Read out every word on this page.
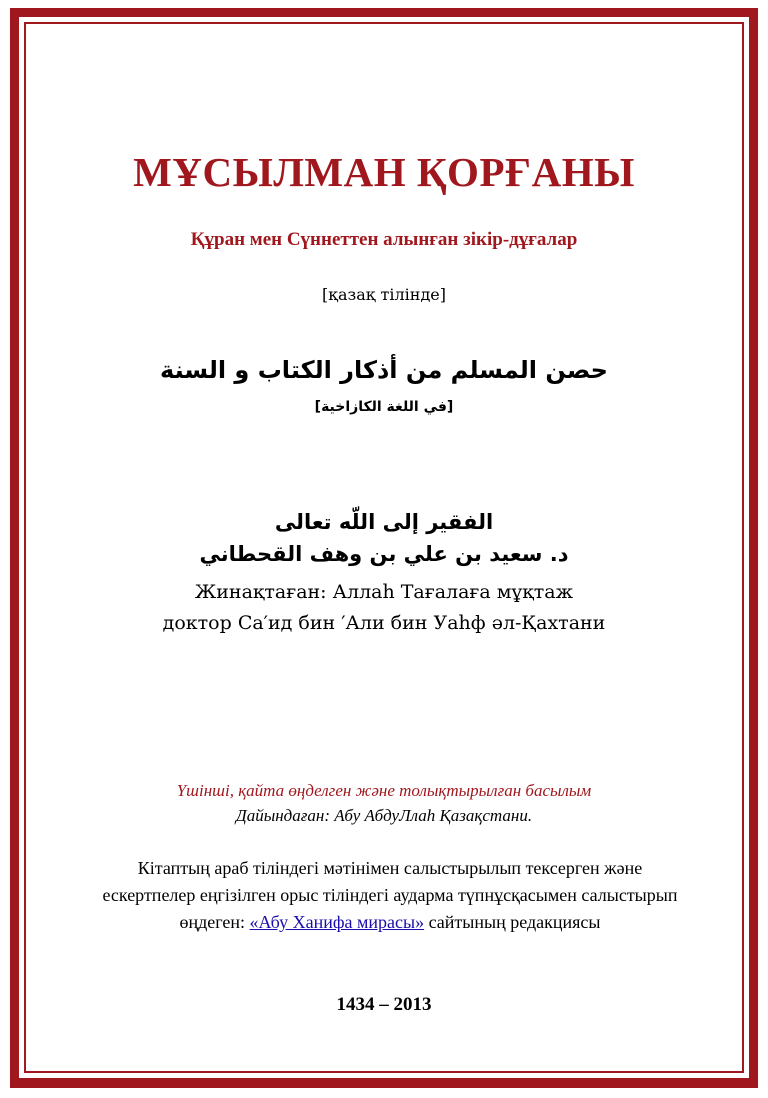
МҰСЫЛМАН ҚОРҒАНЫ
Құран мен Сүннеттен алынған зікір-дұғалар
[қазақ тілінде]
حصن المسلم من أذكار الكتاب و السنة
[في اللغة الكازاخية]
الفقير إلى اللّه تعالى
د. سعيد بن علي بن وهف القحطاني
Жинақтаған: Аллаһ Тағалаға мұқтаж
доктор Са′ид бин ′Али бин Уаһф әл-Қахтани
Үшінші, қайта өңделген және толықтырылған басылым
Дайындаған: Абу АбдуЛлаһ Қазақстани.
Кітаптың араб тіліндегі мәтінімен салыстырылып тексерген және ескертпелер еңгізілген орыс тіліндегі аударма түпнұсқасымен салыстырып өңдеген: «Абу Ханифа мирасы» сайтының редакциясы
1434 – 2013
